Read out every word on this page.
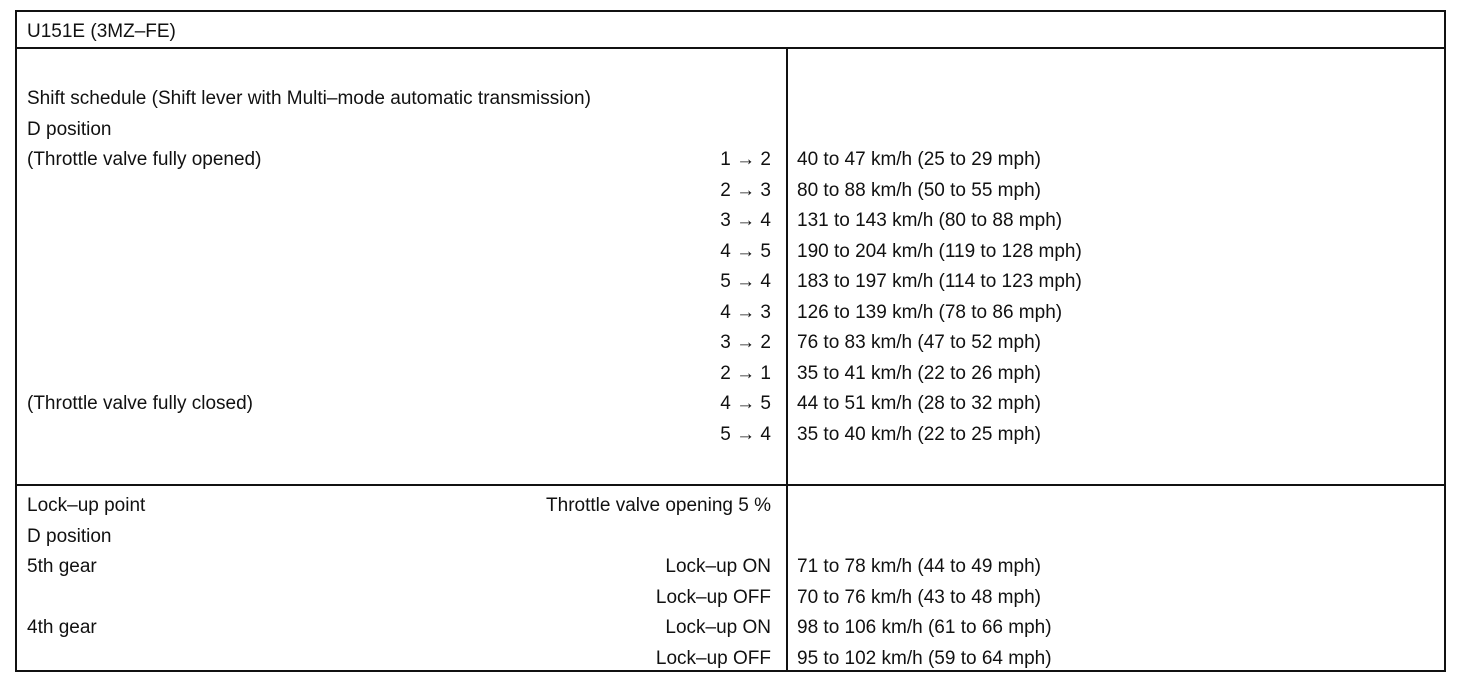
U151E (3MZ–FE)
Shift schedule (Shift lever with Multi–mode automatic transmission)
D position
(Throttle valve fully opened)	1 → 2 40 to 47 km/h (25 to 29 mph)
2 → 3 80 to 88 km/h (50 to 55 mph)
3 → 4 131 to 143 km/h (80 to 88 mph)
4 → 5 190 to 204 km/h (119 to 128 mph)
5 → 4 183 to 197 km/h (114 to 123 mph)
4 → 3 126 to 139 km/h (78 to 86 mph)
3 → 2 76 to 83 km/h (47 to 52 mph)
2 → 1 35 to 41 km/h (22 to 26 mph)
(Throttle valve fully closed)	4 → 5 44 to 51 km/h (28 to 32 mph)
5 → 4 35 to 40 km/h (22 to 25 mph)
Lock–up point	Throttle valve opening 5 %
D position
5th gear	Lock–up ON 71 to 78 km/h (44 to 49 mph)
Lock–up OFF 70 to 76 km/h (43 to 48 mph)
4th gear	Lock–up ON 98 to 106 km/h (61 to 66 mph)
Lock–up OFF 95 to 102 km/h (59 to 64 mph)
